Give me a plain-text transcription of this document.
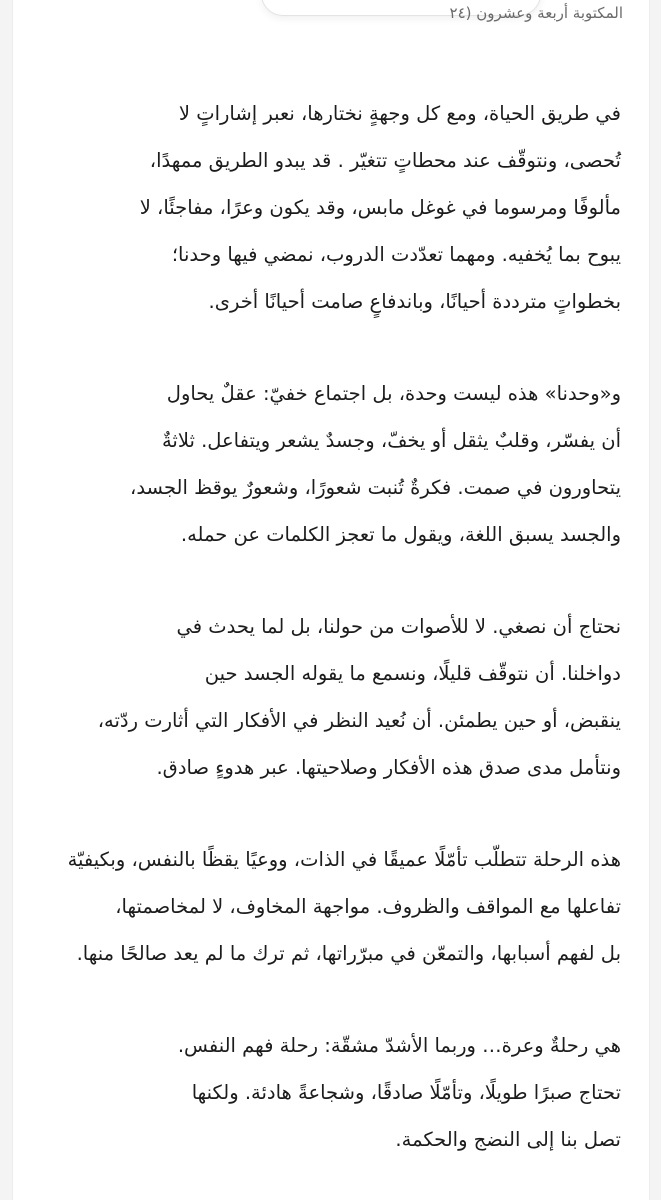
المكتوبة أربعة وعشرون (٢٤
في طريق الحياة، ومع كل وجهةٍ نختارها، نعبر إشاراتٍ لا
تُحصى، ونتوقّف عند محطاتٍ تتغيّر . قد يبدو الطريق ممهدًا،
مألوفًا ومرسوما في غوغل مابس، وقد يكون وعرًا، مفاجئًا، لا
يبوح بما يُخفيه. ومهما تعدّدت الدروب، نمضي فيها وحدنا؛
بخطواتٍ مترددة أحيانًا، وباندفاعٍ صامت أحيانًا أخرى.
و«وحدنا» هذه ليست وحدة، بل اجتماع خفيّ: عقلٌ يحاول
أن يفسّر، وقلبٌ يثقل أو يخفّ، وجسدٌ يشعر ويتفاعل. ثلاثةٌ
يتحاورون في صمت. فكرةٌ تُنبت شعورًا، وشعورٌ يوقظ الجسد،
والجسد يسبق اللغة، ويقول ما تعجز الكلمات عن حمله.
نحتاج أن نصغي. لا للأصوات من حولنا، بل لما يحدث في
دواخلنا. أن نتوقّف قليلًا، ونسمع ما يقوله الجسد حين
ينقبض، أو حين يطمئن. أن نُعيد النظر في الأفكار التي أثارت ردّته،
ونتأمل مدى صدق هذه الأفكار وصلاحيتها. عبر هدوءٍ صادق.
هذه الرحلة تتطلّب تأمّلًا عميقًا في الذات، ووعيًا يقظًا بالنفس، وبكيفيّة
تفاعلها مع المواقف والظروف. مواجهة المخاوف، لا لمخاصمتها،
بل لفهم أسبابها، والتمعّن في مبرّراتها، ثم ترك ما لم يعد صالحًا منها.
هي رحلةٌ وعرة… وربما الأشدّ مشقّة: رحلة فهم النفس.
تحتاج صبرًا طويلًا، وتأمّلًا صادقًا، وشجاعةً هادئة. ولكنها
تصل بنا إلى النضج والحكمة.
